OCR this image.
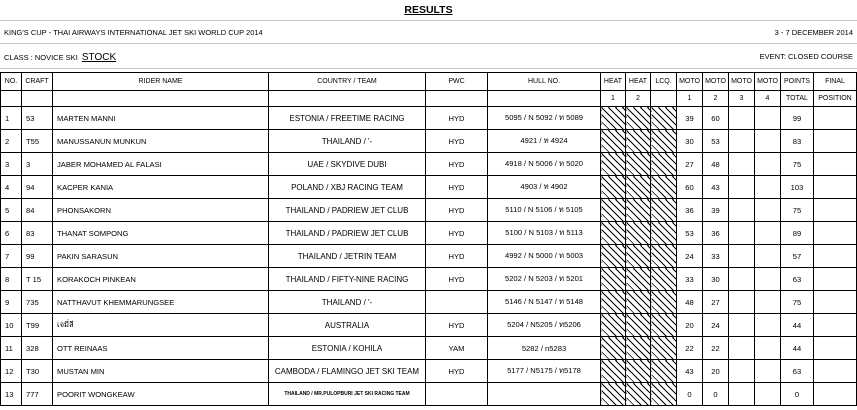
RESULTS
KING'S CUP - THAI AIRWAYS INTERNATIONAL JET SKI WORLD CUP 2014	3 - 7 DECEMBER 2014
CLASS : NOVICE SKI STOCK	EVENT: CLOSED COURSE
NO.	CRAFT	RIDER NAME	COUNTRY / TEAM	PWC	HULL NO.	HEAT	HEAT	LCQ.	MOTO	MOTO	MOTO	MOTO	POINTS	FINAL
						1	2		1	2	3	4	TOTAL	POSITION
1	53	MARTEN MANNI	ESTONIA / FREETIME RACING	HYD	5095 / N 5092 / ท 5089				39	60			99	
2	T55	MANUSSANUN MUNKUN	THAILAND / '-	HYD	4921 / ท 4924				30	53			83	
3	3	JABER MOHAMED AL FALASI	UAE / SKYDIVE DUBI	HYD	4918 / N 5006 / ท 5020				27	48			75	
4	94	KACPER KANIA	POLAND / XBJ RACING TEAM	HYD	4903 / ท 4902				60	43			103	
5	84	PHONSAKORN	THAILAND / PADRIEW JET CLUB	HYD	5110 / N 5106 / ท 5105				36	39			75	
6	83	THANAT SOMPONG	THAILAND / PADRIEW JET CLUB	HYD	5100 / N 5103 / ท 5113				53	36			89	
7	99	PAKIN SARASUN	THAILAND / JETRIN TEAM	HYD	4992 / N 5000 / ท 5003				24	33			57	
8	T 15	KORAKOCH PINKEAN	THAILAND / FIFTY-NINE RACING	HYD	5202 / N 5203 / ท 5201				33	30			63	
9	735	NATTHAVUT KHEMMARUNGSEE	THAILAND / '-		5146 / N 5147 / ท 5148				48	27			75	
10	T99	เจมี่ลี	AUSTRALIA	HYD	5204 / N5205 / ท5206				20	24			44	
11	328	OTT REINAAS	ESTONIA / KOHILA	YAM	5282 / n5283				22	22			44	
12	T30	MUSTAN MIN	CAMBODA / FLAMINGO JET SKI TEAM	HYD	5177 / N5175 / ท5178				43	20			63	
13	777	POORIT WONGKEAW	THAILAND / MR.PULOPBURI JET SKI RACING TEAM						0	0			0	
